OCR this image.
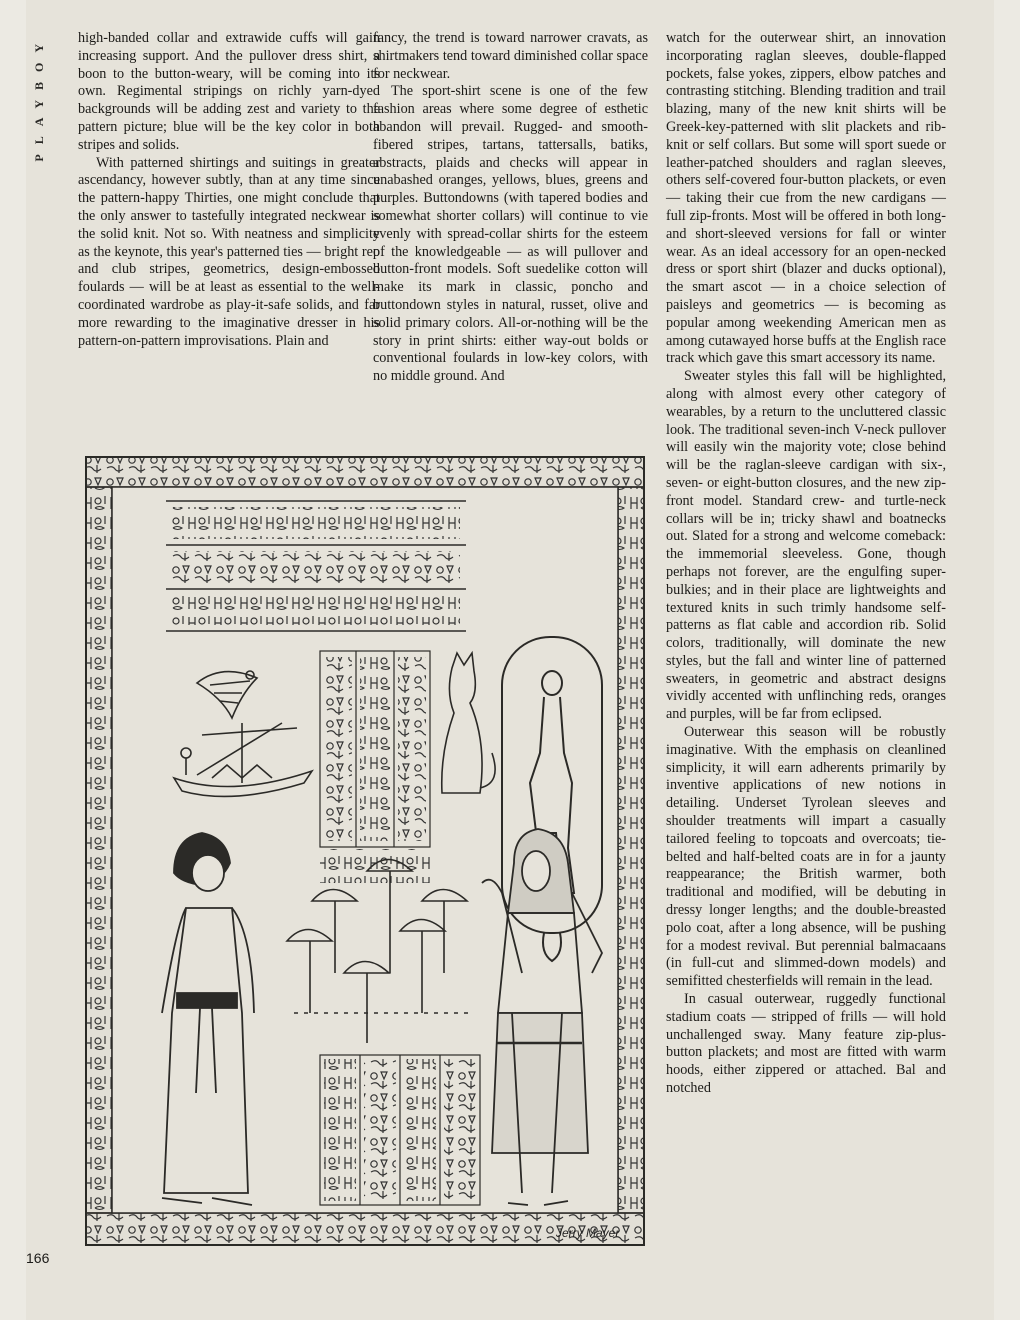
PLAYBOY high-banded collar and extrawide cuffs will gain increasing support. And the pullover dress shirt, a boon to the button-weary, will be coming into its own. Regimental stripings on richly yarn-dyed backgrounds will be adding zest and variety to the pattern picture; blue will be the key color in both stripes and solids.

With patterned shirtings and suitings in greater ascendancy, however subtly, than at any time since the pattern-happy Thirties, one might conclude that the only answer to tastefully integrated neckwear is the solid knit. Not so. With neatness and simplicity as the keynote, this year's patterned ties — bright rep and club stripes, geometrics, design-embossed foulards — will be at least as essential to the well-coordinated wardrobe as play-it-safe solids, and far more rewarding to the imaginative dresser in his pattern-on-pattern improvisations. Plain and

fancy, the trend is toward narrower cravats, as shirtmakers tend toward diminished collar space for neckwear.

The sport-shirt scene is one of the few fashion areas where some degree of esthetic abandon will prevail. Rugged- and smooth-fibered stripes, tartans, tattersalls, batiks, abstracts, plaids and checks will appear in unabashed oranges, yellows, blues, greens and purples. Buttondowns (with tapered bodies and somewhat shorter collars) will continue to vie evenly with spread-collar shirts for the esteem of the knowledgeable — as will pullover and button-front models. Soft suedelike cotton will make its mark in classic, poncho and buttondown styles in natural, russet, olive and solid primary colors. All-or-nothing will be the story in print shirts: either way-out bolds or conventional foulards in low-key colors, with no middle ground. And

watch for the outerwear shirt, an innovation incorporating raglan sleeves, double-flapped pockets, false yokes, zippers, elbow patches and contrasting stitching. Blending tradition and trail blazing, many of the new knit shirts will be Greek-key-patterned with slit plackets and rib-knit or self collars. But some will sport suede or leather-patched shoulders and raglan sleeves, others self-covered four-button plackets, or even — taking their cue from the new cardigans — full zip-fronts. Most will be offered in both long- and short-sleeved versions for fall or winter wear. As an ideal accessory for an open-necked dress or sport shirt (blazer and ducks optional), the smart ascot — in a choice selection of paisleys and geometrics — is becoming as popular among weekending American men as among cutawayed horse buffs at the English race track which gave this smart accessory its name.

Sweater styles this fall will be highlighted, along with almost every other category of wearables, by a return to the uncluttered classic look. The traditional seven-inch V-neck pullover will easily win the majority vote; close behind will be the raglan-sleeve cardigan with six-, seven- or eight-button closures, and the new zip-front model. Standard crew- and turtle-neck collars will be in; tricky shawl and boatnecks out. Slated for a strong and welcome comeback: the immemorial sleeveless. Gone, though perhaps not forever, are the engulfing super-bulkies; and in their place are lightweights and textured knits in such trimly handsome self-patterns as flat cable and accordion rib. Solid colors, traditionally, will dominate the new styles, but the fall and winter line of patterned sweaters, in geometric and abstract designs vividly accented with unflinching reds, oranges and purples, will be far from eclipsed.

Outerwear this season will be robustly imaginative. With the emphasis on cleanlined simplicity, it will earn adherents primarily by inventive applications of new notions in detailing. Underset Tyrolean sleeves and shoulder treatments will impart a casually tailored feeling to topcoats and overcoats; tie-belted and half-belted coats are in for a jaunty reappearance; the British warmer, both traditional and modified, will be debuting in dressy longer lengths; and the double-breasted polo coat, after a long absence, will be pushing for a modest revival. But perennial balmacaans (in full-cut and slimmed-down models) and semifitted chesterfields will remain in the lead.

In casual outerwear, ruggedly functional stadium coats — stripped of frills — will hold unchallenged sway. Many feature zip-plus-button plackets; and most are fitted with warm hoods, either zippered or attached. Bal and notched

Jerry Mayer
166
